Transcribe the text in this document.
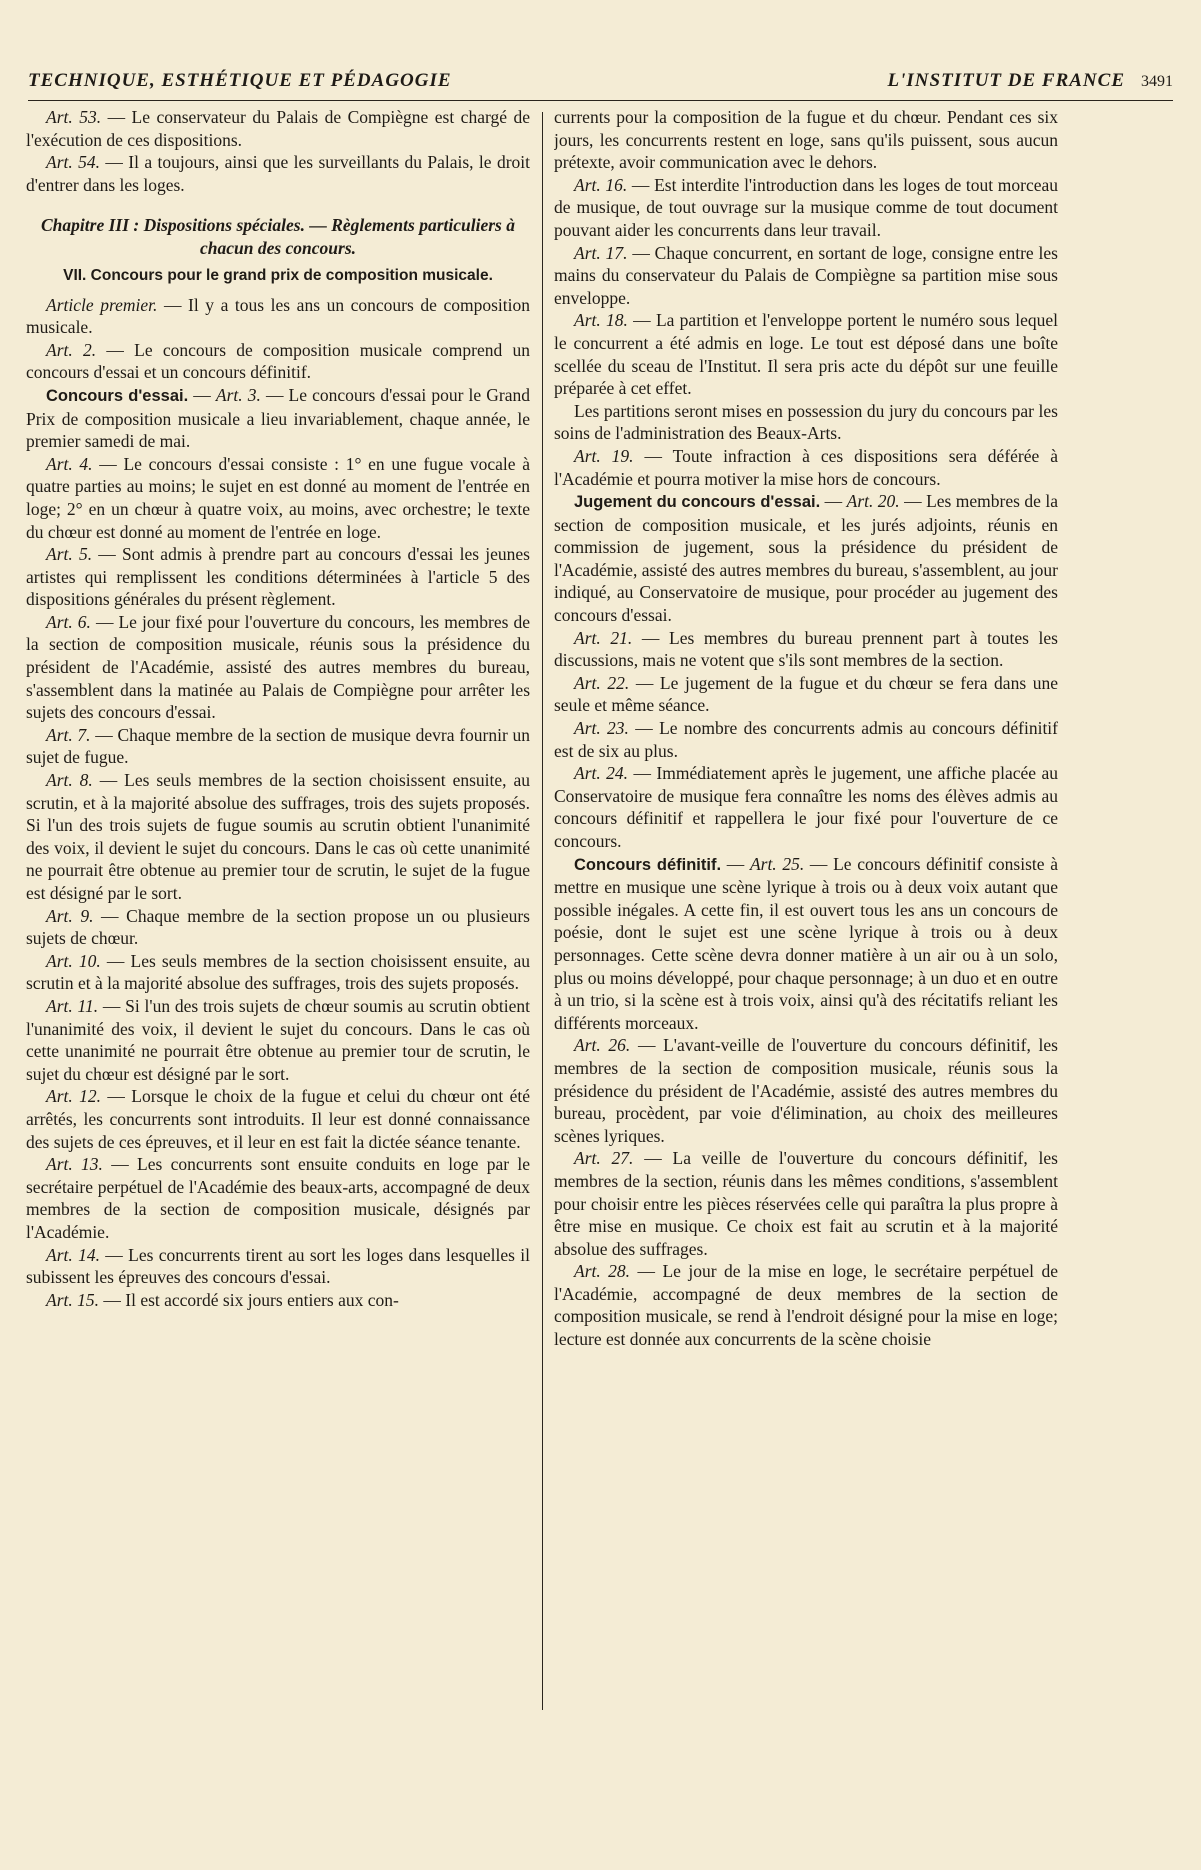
TECHNIQUE, ESTHÉTIQUE ET PÉDAGOGIE	L'INSTITUT DE FRANCE 3491

Art. 53. — Le conservateur du Palais de Compiègne est chargé de l'exécution de ces dispositions.

Art. 54. — Il a toujours, ainsi que les surveillants du Palais, le droit d'entrer dans les loges.

Chapitre III : Dispositions spéciales. — Règlements particuliers à chacun des concours.
VII. Concours pour le grand prix de composition musicale.

Article premier. — Il y a tous les ans un concours de composition musicale.

Art. 2. — Le concours de composition musicale comprend un concours d'essai et un concours définitif.

Concours d'essai. — Art. 3. — Le concours d'essai pour le Grand Prix de composition musicale a lieu invariablement, chaque année, le premier samedi de mai.

Art. 4. — Le concours d'essai consiste : 1° en une fugue vocale à quatre parties au moins; le sujet en est donné au moment de l'entrée en loge; 2° en un chœur à quatre voix, au moins, avec orchestre; le texte du chœur est donné au moment de l'entrée en loge.

Art. 5. — Sont admis à prendre part au concours d'essai les jeunes artistes qui remplissent les conditions déterminées à l'article 5 des dispositions générales du présent règlement.

Art. 6. — Le jour fixé pour l'ouverture du concours, les membres de la section de composition musicale, réunis sous la présidence du président de l'Académie, assisté des autres membres du bureau, s'assemblent dans la matinée au Palais de Compiègne pour arrêter les sujets des concours d'essai.

Art. 7. — Chaque membre de la section de musique devra fournir un sujet de fugue.

Art. 8. — Les seuls membres de la section choisissent ensuite, au scrutin, et à la majorité absolue des suffrages, trois des sujets proposés. Si l'un des trois sujets de fugue soumis au scrutin obtient l'unanimité des voix, il devient le sujet du concours. Dans le cas où cette unanimité ne pourrait être obtenue au premier tour de scrutin, le sujet de la fugue est désigné par le sort.

Art. 9. — Chaque membre de la section propose un ou plusieurs sujets de chœur.

Art. 10. — Les seuls membres de la section choisissent ensuite, au scrutin et à la majorité absolue des suffrages, trois des sujets proposés.

Art. 11. — Si l'un des trois sujets de chœur soumis au scrutin obtient l'unanimité des voix, il devient le sujet du concours. Dans le cas où cette unanimité ne pourrait être obtenue au premier tour de scrutin, le sujet du chœur est désigné par le sort.

Art. 12. — Lorsque le choix de la fugue et celui du chœur ont été arrêtés, les concurrents sont introduits. Il leur est donné connaissance des sujets de ces épreuves, et il leur en est fait la dictée séance tenante.

Art. 13. — Les concurrents sont ensuite conduits en loge par le secrétaire perpétuel de l'Académie des beaux-arts, accompagné de deux membres de la section de composition musicale, désignés par l'Académie.

Art. 14. — Les concurrents tirent au sort les loges dans lesquelles il subissent les épreuves des concours d'essai.

Art. 15. — Il est accordé six jours entiers aux con-

currents pour la composition de la fugue et du chœur. Pendant ces six jours, les concurrents restent en loge, sans qu'ils puissent, sous aucun prétexte, avoir communication avec le dehors.

Art. 16. — Est interdite l'introduction dans les loges de tout morceau de musique, de tout ouvrage sur la musique comme de tout document pouvant aider les concurrents dans leur travail.

Art. 17. — Chaque concurrent, en sortant de loge, consigne entre les mains du conservateur du Palais de Compiègne sa partition mise sous enveloppe.

Art. 18. — La partition et l'enveloppe portent le numéro sous lequel le concurrent a été admis en loge. Le tout est déposé dans une boîte scellée du sceau de l'Institut. Il sera pris acte du dépôt sur une feuille préparée à cet effet.

Les partitions seront mises en possession du jury du concours par les soins de l'administration des Beaux-Arts.

Art. 19. — Toute infraction à ces dispositions sera déférée à l'Académie et pourra motiver la mise hors de concours.

Jugement du concours d'essai. — Art. 20. — Les membres de la section de composition musicale, et les jurés adjoints, réunis en commission de jugement, sous la présidence du président de l'Académie, assisté des autres membres du bureau, s'assemblent, au jour indiqué, au Conservatoire de musique, pour procéder au jugement des concours d'essai.

Art. 21. — Les membres du bureau prennent part à toutes les discussions, mais ne votent que s'ils sont membres de la section.

Art. 22. — Le jugement de la fugue et du chœur se fera dans une seule et même séance.

Art. 23. — Le nombre des concurrents admis au concours définitif est de six au plus.

Art. 24. — Immédiatement après le jugement, une affiche placée au Conservatoire de musique fera connaître les noms des élèves admis au concours définitif et rappellera le jour fixé pour l'ouverture de ce concours.

Concours définitif. — Art. 25. — Le concours définitif consiste à mettre en musique une scène lyrique à trois ou à deux voix autant que possible inégales. A cette fin, il est ouvert tous les ans un concours de poésie, dont le sujet est une scène lyrique à trois ou à deux personnages. Cette scène devra donner matière à un air ou à un solo, plus ou moins développé, pour chaque personnage; à un duo et en outre à un trio, si la scène est à trois voix, ainsi qu'à des récitatifs reliant les différents morceaux.

Art. 26. — L'avant-veille de l'ouverture du concours définitif, les membres de la section de composition musicale, réunis sous la présidence du président de l'Académie, assisté des autres membres du bureau, procèdent, par voie d'élimination, au choix des meilleures scènes lyriques.

Art. 27. — La veille de l'ouverture du concours définitif, les membres de la section, réunis dans les mêmes conditions, s'assemblent pour choisir entre les pièces réservées celle qui paraîtra la plus propre à être mise en musique. Ce choix est fait au scrutin et à la majorité absolue des suffrages.

Art. 28. — Le jour de la mise en loge, le secrétaire perpétuel de l'Académie, accompagné de deux membres de la section de composition musicale, se rend à l'endroit désigné pour la mise en loge; lecture est donnée aux concurrents de la scène choisie
